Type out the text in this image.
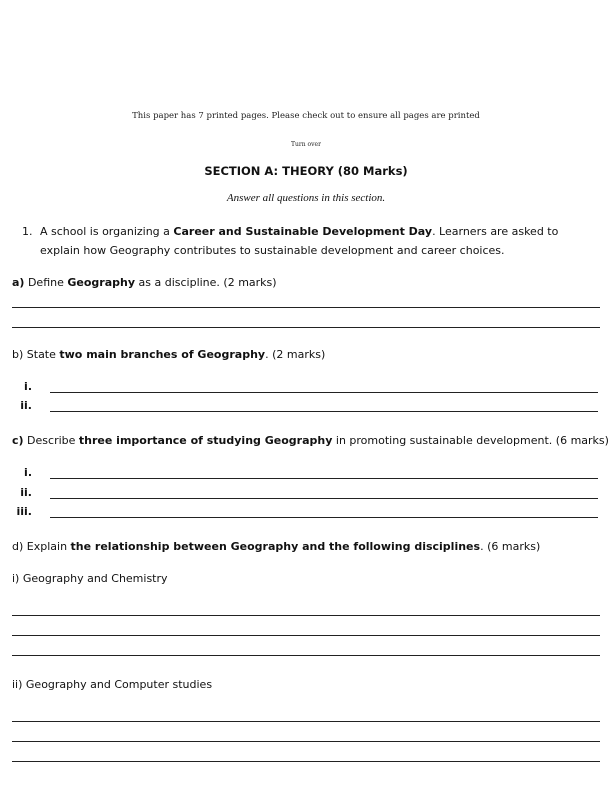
This paper has 7 printed pages. Please check out to ensure all pages are printed
Turn over
SECTION A: THEORY (80 Marks)
Answer all questions in this section.
1. A school is organizing a Career and Sustainable Development Day. Learners are asked to explain how Geography contributes to sustainable development and career choices.
a) Define Geography as a discipline. (2 marks)
b) State two main branches of Geography. (2 marks)
i.
ii.
c) Describe three importance of studying Geography in promoting sustainable development. (6 marks)
i.
ii.
iii.
d) Explain the relationship between Geography and the following disciplines. (6 marks)
i) Geography and Chemistry
ii) Geography and Computer studies
